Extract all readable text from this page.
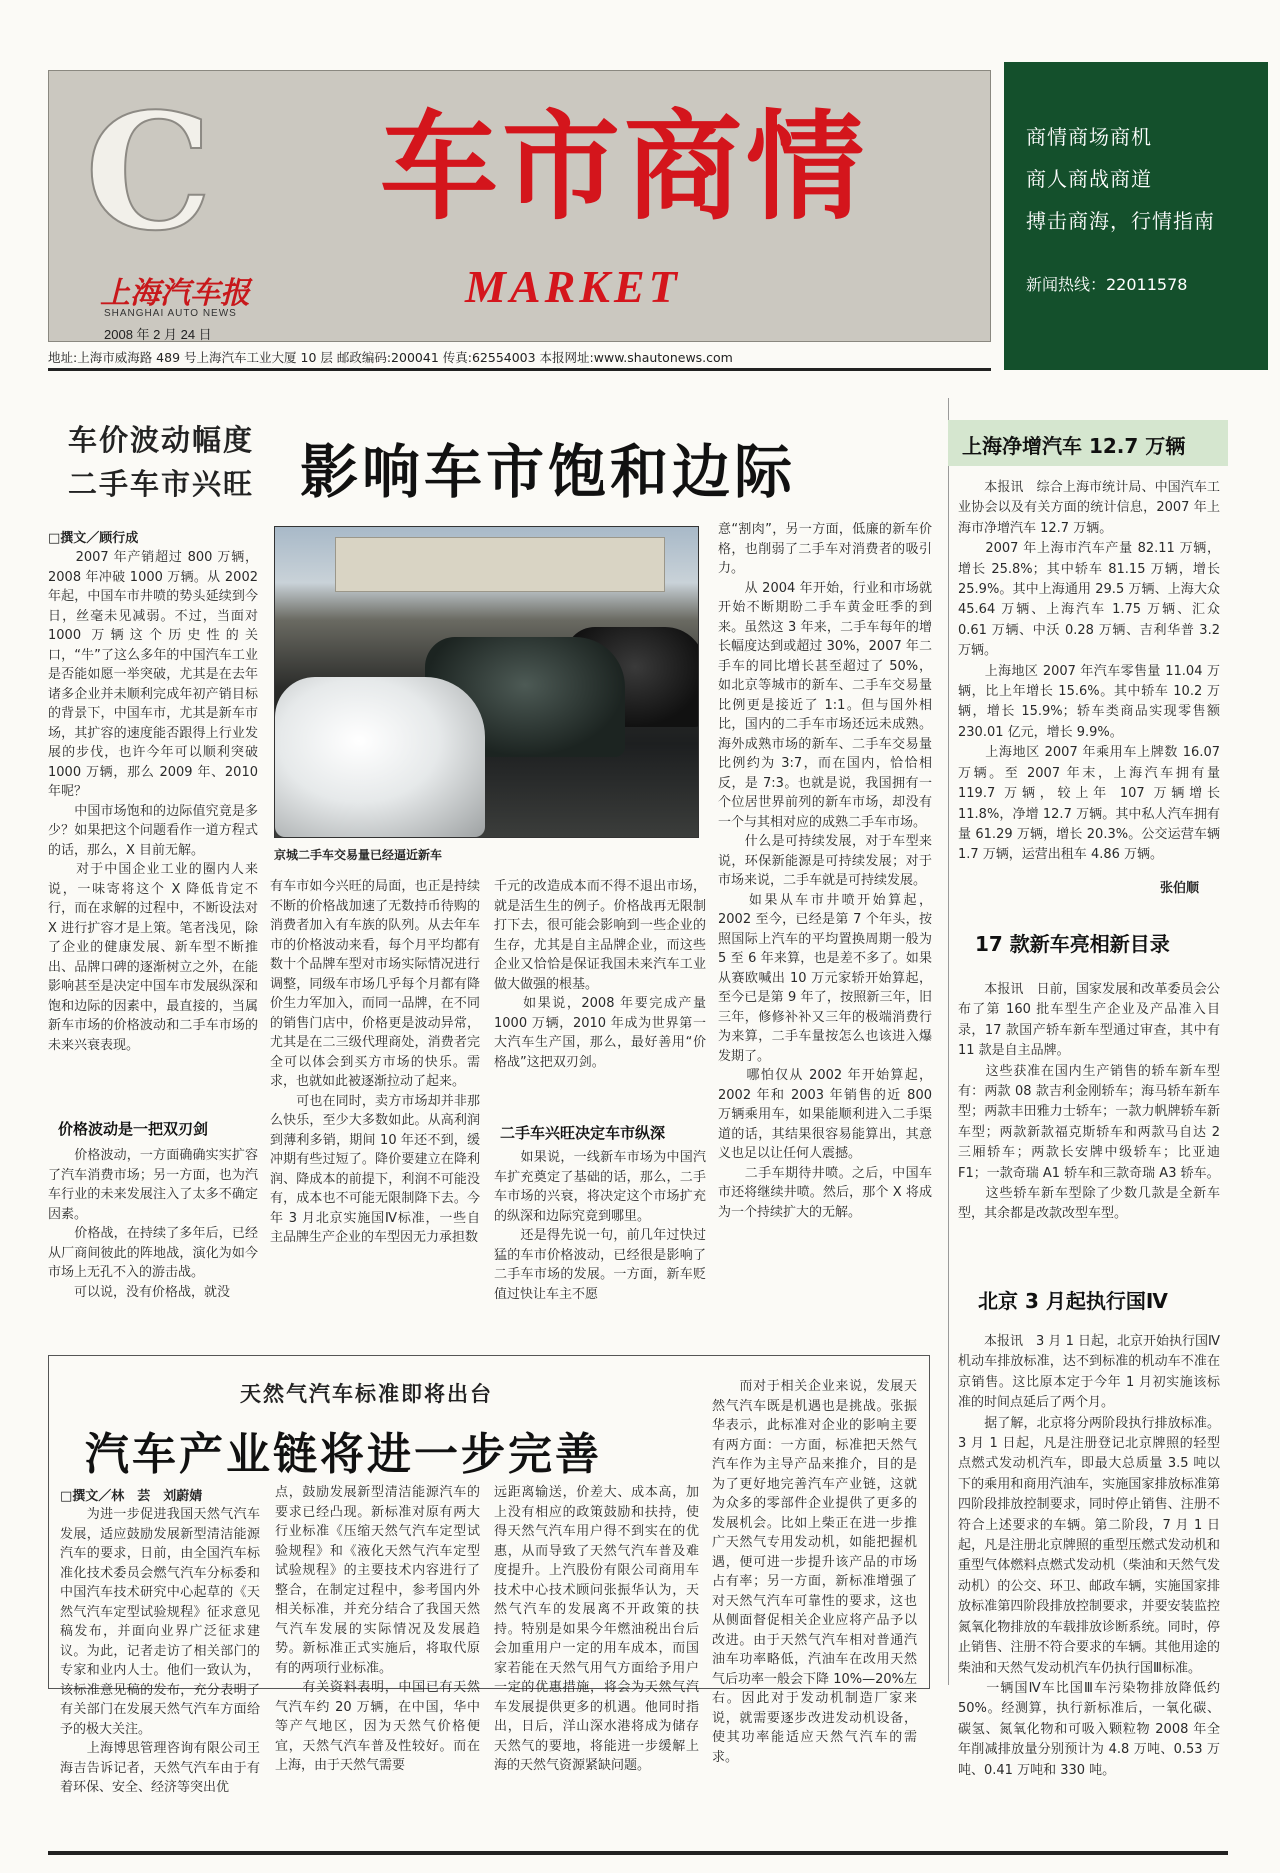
C
上海汽车报
SHANGHAI AUTO NEWS
2008 年 2 月 24 日
车市商情
MARKET
商情商场商机
商人商战商道
搏击商海，行情指南
新闻热线：22011578
地址:上海市威海路 489 号上海汽车工业大厦 10 层 邮政编码:200041 传真:62554003 本报网址:www.shautonews.com
车价波动幅度
二手车市兴旺 影响车市饱和边际
□撰文／顾行成
　　2007 年产销超过 800 万辆，2008 年冲破 1000 万辆。从 2002 年起，中国车市井喷的势头延续到今日，丝毫未见减弱。不过，当面对 1000 万辆这个历史性的关口，“牛”了这么多年的中国汽车工业是否能如愿一举突破，尤其是在去年诸多企业并未顺利完成年初产销目标的背景下，中国车市，尤其是新车市场，其扩容的速度能否跟得上行业发展的步伐，也许今年可以顺利突破 1000 万辆，那么 2009 年、2010 年呢？
　　中国市场饱和的边际值究竟是多少？如果把这个问题看作一道方程式的话，那么，X 目前无解。
　　对于中国企业工业的圈内人来说，一味寄将这个 X 降低肯定不行，而在求解的过程中，不断设法对 X 进行扩容才是上策。笔者浅见，除了企业的健康发展、新车型不断推出、品牌口碑的逐渐树立之外，在能影响甚至是决定中国车市发展纵深和饱和边际的因素中，最直接的，当属新车市场的价格波动和二手车市场的未来兴衰表现。
价格波动是一把双刃剑
　　价格波动，一方面确确实实扩容了汽车消费市场；另一方面，也为汽车行业的未来发展注入了太多不确定因素。
　　价格战，在持续了多年后，已经从厂商间彼此的阵地战，演化为如今市场上无孔不入的游击战。
　　可以说，没有价格战，就没
京城二手车交易量已经逼近新车
有车市如今兴旺的局面，也正是持续不断的价格战加速了无数持币待购的消费者加入有车族的队列。从去年车市的价格波动来看，每个月平均都有数十个品牌车型对市场实际情况进行调整，同级车市场几乎每个月都有降价生力军加入，而同一品牌，在不同的销售门店中，价格更是波动异常，尤其是在二三级代理商处，消费者完全可以体会到买方市场的快乐。需求，也就如此被逐渐拉动了起来。
　　可也在同时，卖方市场却并非那么快乐，至少大多数如此。从高利润到薄利多销，期间 10 年还不到，缓冲期有些过短了。降价要建立在降利润、降成本的前提下，利润不可能没有，成本也不可能无限制降下去。今年 3 月北京实施国Ⅳ标准，一些自主品牌生产企业的车型因无力承担数
千元的改造成本而不得不退出市场，就是活生生的例子。价格战再无限制打下去，很可能会影响到一些企业的生存，尤其是自主品牌企业，而这些企业又恰恰是保证我国未来汽车工业做大做强的根基。
　　如果说，2008 年要完成产量 1000 万辆，2010 年成为世界第一大汽车生产国，那么，最好善用“价格战”这把双刃剑。
二手车兴旺决定车市纵深
　　如果说，一线新车市场为中国汽车扩充奠定了基础的话，那么，二手车市场的兴衰，将决定这个市场扩充的纵深和边际究竟到哪里。
　　还是得先说一句，前几年过快过猛的车市价格波动，已经很是影响了二手车市场的发展。一方面，新车贬值过快让车主不愿
意“割肉”，另一方面，低廉的新车价格，也削弱了二手车对消费者的吸引力。
　　从 2004 年开始，行业和市场就开始不断期盼二手车黄金旺季的到来。虽然这 3 年来，二手车每年的增长幅度达到或超过 30%，2007 年二手车的同比增长甚至超过了 50%，如北京等城市的新车、二手车交易量比例更是接近了 1:1。但与国外相比，国内的二手车市场还远未成熟。海外成熟市场的新车、二手车交易量比例约为 3:7，而在国内，恰恰相反，是 7:3。也就是说，我国拥有一个位居世界前列的新车市场，却没有一个与其相对应的成熟二手车市场。
　　什么是可持续发展，对于车型来说，环保新能源是可持续发展；对于市场来说，二手车就是可持续发展。
　　如果从车市井喷开始算起，2002 至今，已经是第 7 个年头，按照国际上汽车的平均置换周期一般为 5 至 6 年来算，也是差不多了。如果从赛欧喊出 10 万元家轿开始算起，至今已是第 9 年了，按照新三年，旧三年，修修补补又三年的极端消费行为来算，二手车量按怎么也该进入爆发期了。
　　哪怕仅从 2002 年开始算起，2002 年和 2003 年销售的近 800 万辆乘用车，如果能顺利进入二手渠道的话，其结果很容易能算出，其意义也足以让任何人震撼。
　　二手车期待井喷。之后，中国车市还将继续井喷。然后，那个 X 将成为一个持续扩大的无解。
上海净增汽车 12.7 万辆
　　本报讯　综合上海市统计局、中国汽车工业协会以及有关方面的统计信息，2007 年上海市净增汽车 12.7 万辆。
　　2007 年上海市汽车产量 82.11 万辆，增长 25.8%；其中轿车 81.15 万辆，增长 25.9%。其中上海通用 29.5 万辆、上海大众 45.64 万辆、上海汽车 1.75 万辆、汇众 0.61 万辆、中沃 0.28 万辆、吉利华普 3.2 万辆。
　　上海地区 2007 年汽车零售量 11.04 万辆，比上年增长 15.6%。其中轿车 10.2 万辆，增长 15.9%；轿车类商品实现零售额 230.01 亿元，增长 9.9%。
　　上海地区 2007 年乘用车上牌数 16.07 万辆。至 2007 年末，上海汽车拥有量 119.7 万辆，较上年 107 万辆增长 11.8%，净增 12.7 万辆。其中私人汽车拥有量 61.29 万辆，增长 20.3%。公交运营车辆 1.7 万辆，运营出租车 4.86 万辆。
张伯顺
17 款新车亮相新目录
　　本报讯　日前，国家发展和改革委员会公布了第 160 批车型生产企业及产品准入目录，17 款国产轿车新车型通过审查，其中有 11 款是自主品牌。
　　这些获准在国内生产销售的轿车新车型有：两款 08 款吉利金刚轿车；海马轿车新车型；两款丰田雅力士轿车；一款力帆牌轿车新车型；两款新款福克斯轿车和两款马自达 2 三厢轿车；两款长安牌中级轿车；比亚迪 F1；一款奇瑞 A1 轿车和三款奇瑞 A3 轿车。
　　这些轿车新车型除了少数几款是全新车型，其余都是改款改型车型。
北京 3 月起执行国Ⅳ
　　本报讯　3 月 1 日起，北京开始执行国Ⅳ机动车排放标准，达不到标准的机动车不准在京销售。这比原本定于今年 1 月初实施该标准的时间点延后了两个月。
　　据了解，北京将分两阶段执行排放标准。3 月 1 日起，凡是注册登记北京牌照的轻型点燃式发动机汽车，即最大总质量 3.5 吨以下的乘用和商用汽油车，实施国家排放标准第四阶段排放控制要求，同时停止销售、注册不符合上述要求的车辆。第二阶段，7 月 1 日起，凡是注册北京牌照的重型压燃式发动机和重型气体燃料点燃式发动机（柴油和天然气发动机）的公交、环卫、邮政车辆，实施国家排放标准第四阶段排放控制要求，并要安装监控氮氧化物排放的车载排放诊断系统。同时，停止销售、注册不符合要求的车辆。其他用途的柴油和天然气发动机汽车仍执行国Ⅲ标准。
　　一辆国Ⅳ车比国Ⅲ车污染物排放降低约 50%。经测算，执行新标准后，一氧化碳、碳氢、氮氧化物和可吸入颗粒物 2008 年全年削减排放量分别预计为 4.8 万吨、0.53 万吨、0.41 万吨和 330 吨。
天然气汽车标准即将出台
汽车产业链将进一步完善
□撰文／林　芸　刘蔚婧
　　为进一步促进我国天然气汽车发展，适应鼓励发展新型清洁能源汽车的要求，日前，由全国汽车标准化技术委员会燃气汽车分标委和中国汽车技术研究中心起草的《天然气汽车定型试验规程》征求意见稿发布，并面向业界广泛征求建议。为此，记者走访了相关部门的专家和业内人士。他们一致认为，该标准意见稿的发布，充分表明了有关部门在发展天然气汽车方面给予的极大关注。
　　上海博思管理咨询有限公司王海吉告诉记者，天然气汽车由于有着环保、安全、经济等突出优
点，鼓励发展新型清洁能源汽车的要求已经凸现。新标准对原有两大行业标准《压缩天然气汽车定型试验规程》和《液化天然气汽车定型试验规程》的主要技术内容进行了整合，在制定过程中，参考国内外相关标准，并充分结合了我国天然气汽车发展的实际情况及发展趋势。新标准正式实施后，将取代原有的两项行业标准。
　　有关资料表明，中国已有天然气汽车约 20 万辆，在中国，华中等产气地区，因为天然气价格便宜，天然气汽车普及性较好。而在上海，由于天然气需要
远距离输送，价差大、成本高，加上没有相应的政策鼓励和扶持，使得天然气汽车用户得不到实在的优惠，从而导致了天然气汽车普及难度提升。上汽股份有限公司商用车技术中心技术顾问张振华认为，天然气汽车的发展离不开政策的扶持。特别是如果今年燃油税出台后会加重用户一定的用车成本，而国家若能在天然气用气方面给予用户一定的优惠措施，将会为天然气汽车发展提供更多的机遇。他同时指出，日后，洋山深水港将成为储存天然气的要地，将能进一步缓解上海的天然气资源紧缺问题。
　　而对于相关企业来说，发展天然气汽车既是机遇也是挑战。张振华表示，此标准对企业的影响主要有两方面：一方面，标准把天然气汽车作为主导产品来推介，目的是为了更好地完善汽车产业链，这就为众多的零部件企业提供了更多的发展机会。比如上柴正在进一步推广天然气专用发动机，如能把握机遇，便可进一步提升该产品的市场占有率；另一方面，新标准增强了对天然气汽车可靠性的要求，这也从侧面督促相关企业应将产品予以改进。由于天然气汽车相对普通汽油车功率略低，汽油车在改用天然气后功率一般会下降 10%—20%左右。因此对于发动机制造厂家来说，就需要逐步改进发动机设备，使其功率能适应天然气汽车的需求。
